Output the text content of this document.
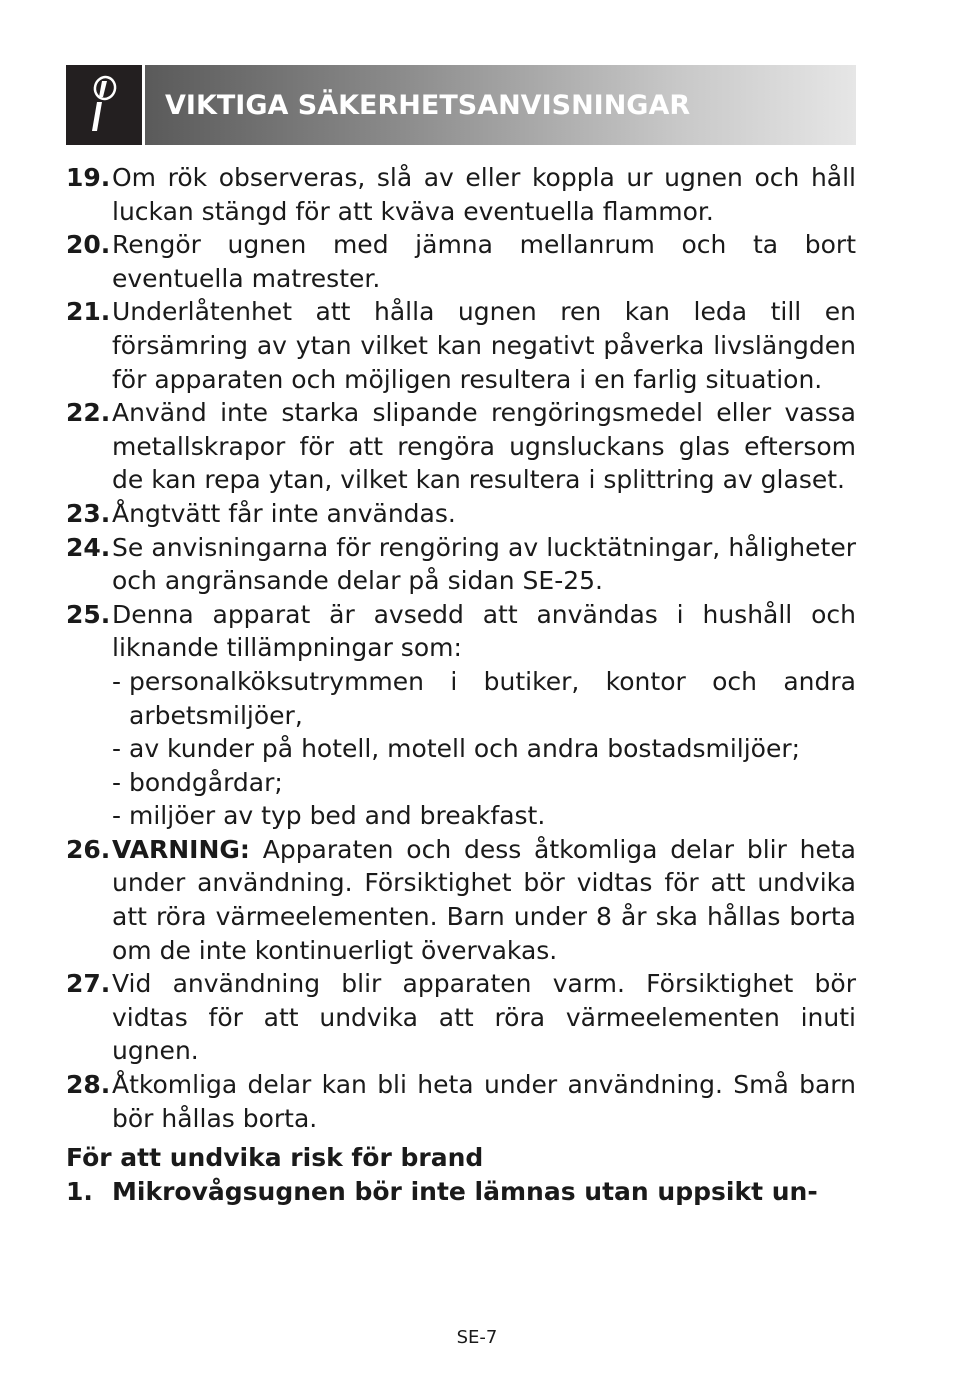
VIKTIGA SÄKERHETSANVISNINGAR
19. Om rök observeras, slå av eller koppla ur ugnen och håll luckan stängd för att kväva eventuella flammor.
20. Rengör ugnen med jämna mellanrum och ta bort eventuella matrester.
21. Underlåtenhet att hålla ugnen ren kan leda till en försämring av ytan vilket kan negativt påverka livslängden för apparaten och möjligen resultera i en farlig situation.
22. Använd inte starka slipande rengöringsmedel eller vassa metallskrapor för att rengöra ugnsluckans glas eftersom de kan repa ytan, vilket kan resultera i splittring av glaset.
23. Ångtvätt får inte användas.
24. Se anvisningarna för rengöring av lucktätningar, håligheter och angränsande delar på sidan SE-25.
25. Denna apparat är avsedd att användas i hushåll och liknande tillämpningar som:
- personalköksutrymmen i butiker, kontor och andra arbetsmiljöer,
- av kunder på hotell, motell och andra bostadsmiljöer;
- bondgårdar;
- miljöer av typ bed and breakfast.
26. VARNING: Apparaten och dess åtkomliga delar blir heta under användning. Försiktighet bör vidtas för att undvika att röra värmeelementen. Barn under 8 år ska hållas borta om de inte kontinuerligt övervakas.
27. Vid användning blir apparaten varm. Försiktighet bör vidtas för att undvika att röra värmeelementen inuti ugnen.
28. Åtkomliga delar kan bli heta under användning. Små barn bör hållas borta.
För att undvika risk för brand
1. Mikrovågsugnen bör inte lämnas utan uppsikt un-
SE-7
